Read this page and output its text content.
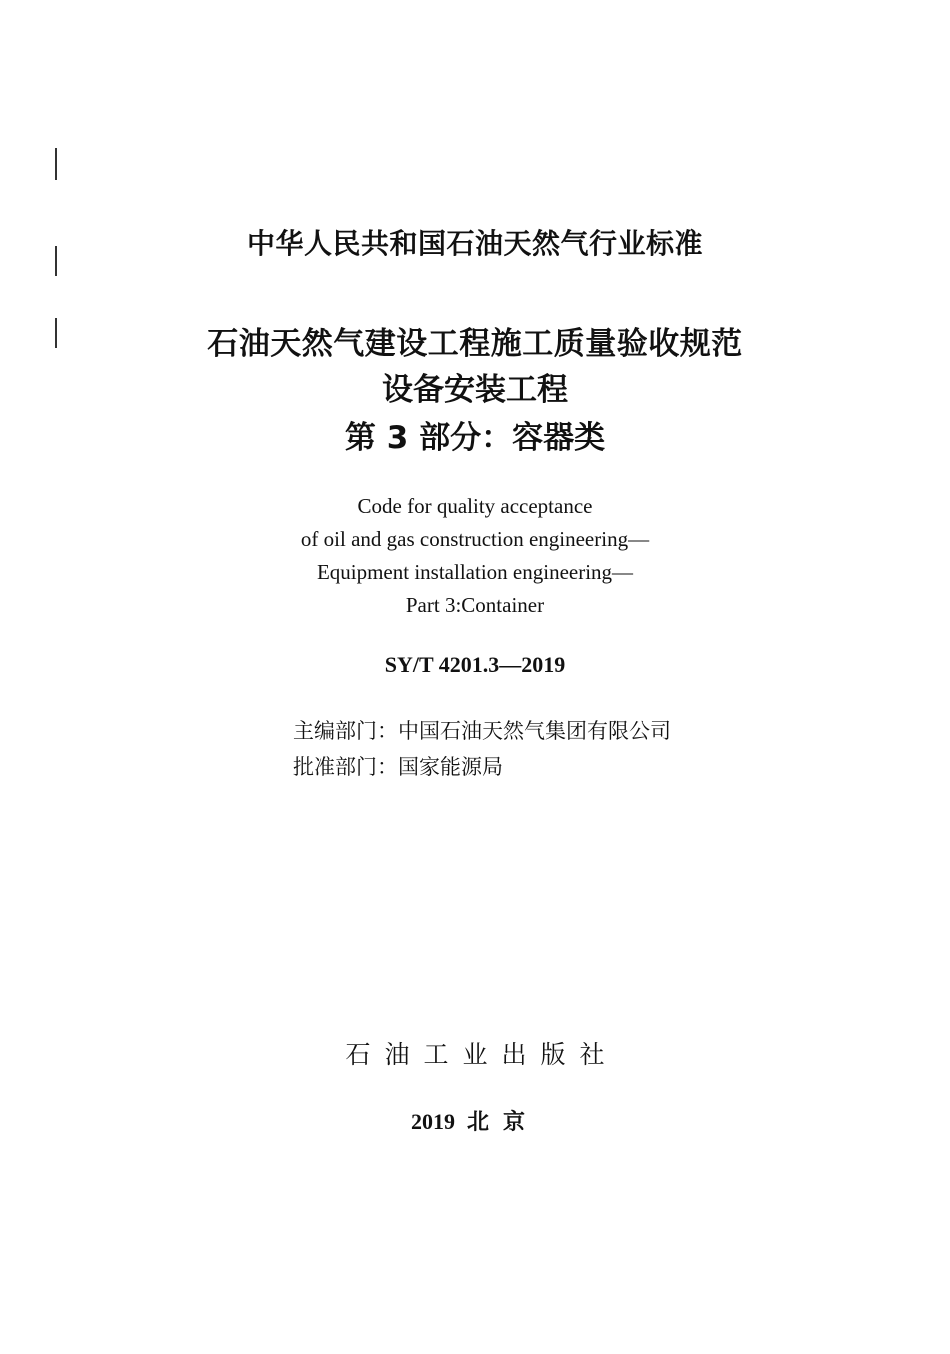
中华人民共和国石油天然气行业标准
石油天然气建设工程施工质量验收规范
设备安装工程
第 3 部分：容器类
Code for quality acceptance
of oil and gas construction engineering—
Equipment installation engineering—
Part 3:Container
SY/T 4201.3—2019
主编部门：中国石油天然气集团有限公司
批准部门：国家能源局
石油工业出版社
2019 北京
